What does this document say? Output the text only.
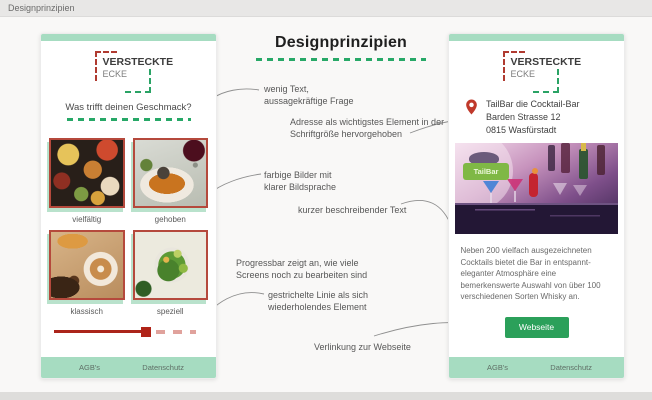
Designprinzipien
Designprinzipien
VERSTECKTE
ECKE
Was trifft deinen Geschmack?
vielfältig	gehoben
klassisch	speziell
AGB's	Datenschutz
VERSTECKTE
ECKE
TailBar die Cocktail-Bar
Barden Strasse 12
0815 Wasfürstadt
TailBar

Neben 200 vielfach ausgezeichneten Cocktails bietet die Bar in entspannt-eleganter Atmosphäre eine bemerkenswerte Auswahl von über 100 verschiedenen Sorten Whisky an.

Webseite
AGB's	Datenschutz
wenig Text,
aussagekräftige Frage
Adresse als wichtigstes Element in der
Schriftgröße hervorgehoben
farbige Bilder mit
klarer Bildsprache
kurzer beschreibender Text
Progressbar zeigt an, wie viele
Screens noch zu bearbeiten sind
gestrichelte Linie als sich
wiederholendes Element
Verlinkung zur Webseite
